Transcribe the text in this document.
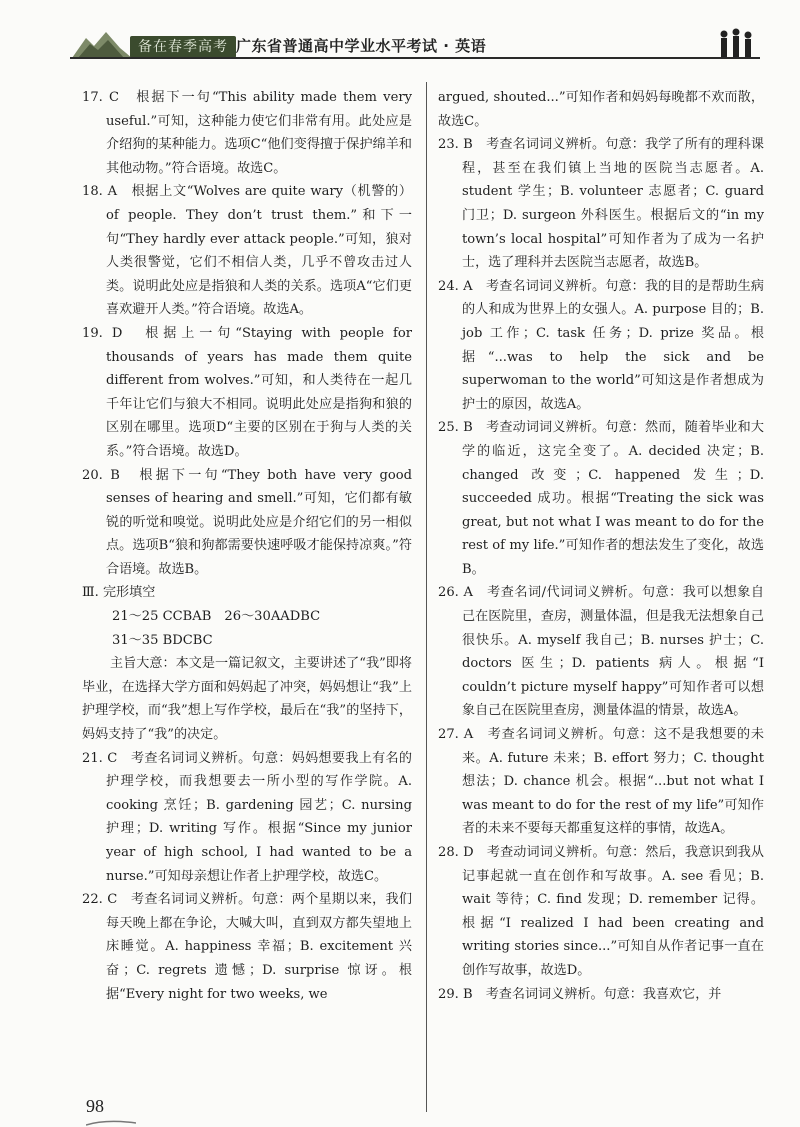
备在春季高考 广东省普通高中学业水平考试 · 英语

17. C　根据下一句“This ability made them very useful.”可知，这种能力使它们非常有用。此处应是介绍狗的某种能力。选项C“他们变得擅于保护绵羊和其他动物。”符合语境。故选C。

18. A　根据上文“Wolves are quite wary（机警的）of people. They don’t trust them.”和下一句“They hardly ever attack people.”可知，狼对人类很警觉，它们不相信人类，几乎不曾攻击过人类。说明此处应是指狼和人类的关系。选项A“它们更喜欢避开人类。”符合语境。故选A。

19. D　根据上一句“Staying with people for thousands of years has made them quite different from wolves.”可知，和人类待在一起几千年让它们与狼大不相同。说明此处应是指狗和狼的区别在哪里。选项D“主要的区别在于狗与人类的关系。”符合语境。故选D。

20. B　根据下一句“They both have very good senses of hearing and smell.”可知，它们都有敏锐的听觉和嗅觉。说明此处应是介绍它们的另一相似点。选项B“狼和狗都需要快速呼吸才能保持凉爽。”符合语境。故选B。

Ⅲ. 完形填空

21～25 CCBAB　26～30AADBC

31～35 BDCBC

主旨大意：本文是一篇记叙文，主要讲述了“我”即将毕业，在选择大学方面和妈妈起了冲突，妈妈想让“我”上护理学校，而“我”想上写作学校，最后在“我”的坚持下，妈妈支持了“我”的决定。

21. C　考查名词词义辨析。句意：妈妈想要我上有名的护理学校，而我想要去一所小型的写作学院。A. cooking 烹饪；B. gardening 园艺；C. nursing 护理；D. writing 写作。根据“Since my junior year of high school, I had wanted to be a nurse.”可知母亲想让作者上护理学校，故选C。

22. C　考查名词词义辨析。句意：两个星期以来，我们每天晚上都在争论，大喊大叫，直到双方都失望地上床睡觉。A. happiness 幸福；B. excitement 兴奋；C. regrets 遗憾；D. surprise 惊讶。根据“Every night for two weeks, we

argued, shouted...”可知作者和妈妈每晚都不欢而散，故选C。

23. B　考查名词词义辨析。句意：我学了所有的理科课程，甚至在我们镇上当地的医院当志愿者。A. student 学生；B. volunteer 志愿者；C. guard 门卫；D. surgeon 外科医生。根据后文的“in my town’s local hospital”可知作者为了成为一名护士，选了理科并去医院当志愿者，故选B。

24. A　考查名词词义辨析。句意：我的目的是帮助生病的人和成为世界上的女强人。A. purpose 目的；B. job 工作；C. task 任务；D. prize 奖品。根据“...was to help the sick and be superwoman to the world”可知这是作者想成为护士的原因，故选A。

25. B　考查动词词义辨析。句意：然而，随着毕业和大学的临近，这完全变了。A. decided 决定；B. changed 改变；C. happened 发生；D. succeeded 成功。根据“Treating the sick was great, but not what I was meant to do for the rest of my life.”可知作者的想法发生了变化，故选B。

26. A　考查名词/代词词义辨析。句意：我可以想象自己在医院里，查房，测量体温，但是我无法想象自己很快乐。A. myself 我自己；B. nurses 护士；C. doctors 医生；D. patients 病人。根据“I couldn’t picture myself happy”可知作者可以想象自己在医院里查房，测量体温的情景，故选A。

27. A　考查名词词义辨析。句意：这不是我想要的未来。A. future 未来；B. effort 努力；C. thought 想法；D. chance 机会。根据“...but not what I was meant to do for the rest of my life”可知作者的未来不要每天都重复这样的事情，故选A。

28. D　考查动词词义辨析。句意：然后，我意识到我从记事起就一直在创作和写故事。A. see 看见；B. wait 等待；C. find 发现；D. remember 记得。根据“I realized I had been creating and writing stories since...”可知自从作者记事一直在创作写故事，故选D。

29. B　考查名词词义辨析。句意：我喜欢它，并

98
